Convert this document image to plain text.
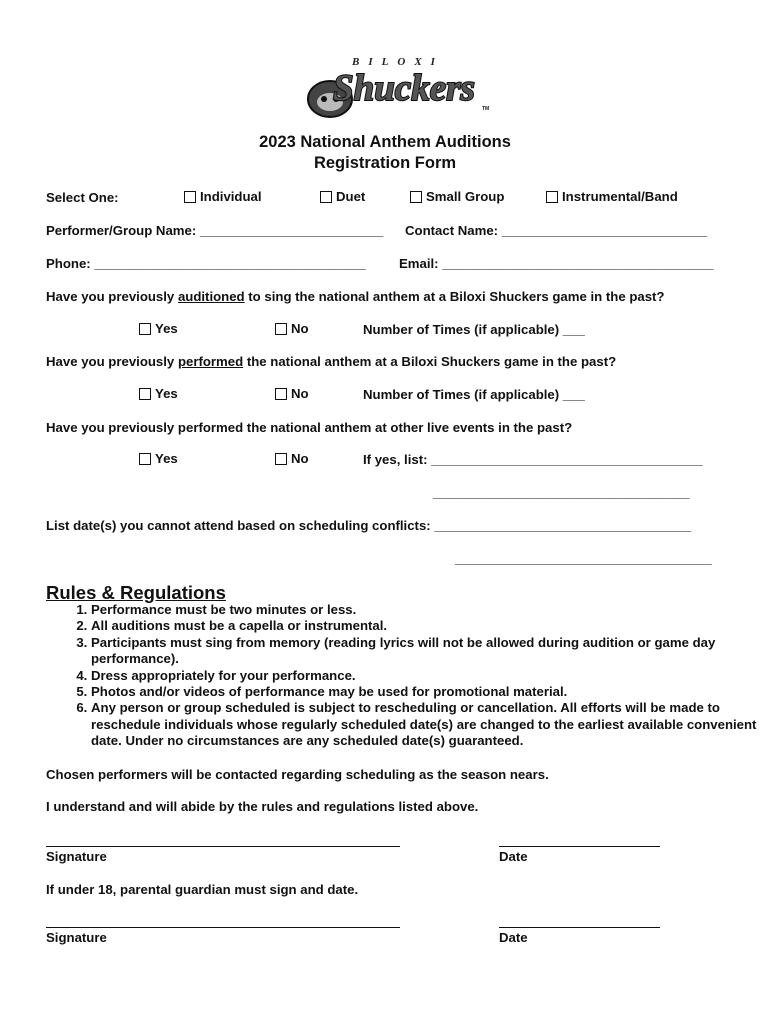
BILOXI
Shuckers TM
2023 National Anthem Auditions
Registration Form
Select One:	Individual	Duet	Small Group	Instrumental/Band
Performer/Group Name: _________________________ Contact Name: ____________________________
Phone: _____________________________________	Email: _____________________________________
Have you previously auditioned to sing the national anthem at a Biloxi Shuckers game in the past?
Yes	No	Number of Times (if applicable) ___
Have you previously performed the national anthem at a Biloxi Shuckers game in the past?
Yes	No	Number of Times (if applicable) ___
Have you previously performed the national anthem at other live events in the past?
Yes	No	If yes, list: _____________________________________
___________________________________
List date(s) you cannot attend based on scheduling conflicts: ___________________________________
___________________________________
Rules & Regulations
1. Performance must be two minutes or less.
2. All auditions must be a capella or instrumental.
3. Participants must sing from memory (reading lyrics will not be allowed during audition or game day performance).
4. Dress appropriately for your performance.
5. Photos and/or videos of performance may be used for promotional material.
6. Any person or group scheduled is subject to rescheduling or cancellation. All efforts will be made to reschedule individuals whose regularly scheduled date(s) are changed to the earliest available convenient date. Under no circumstances are any scheduled date(s) guaranteed.
Chosen performers will be contacted regarding scheduling as the season nears.
I understand and will abide by the rules and regulations listed above.
Signature	Date
If under 18, parental guardian must sign and date.
Signature	Date
